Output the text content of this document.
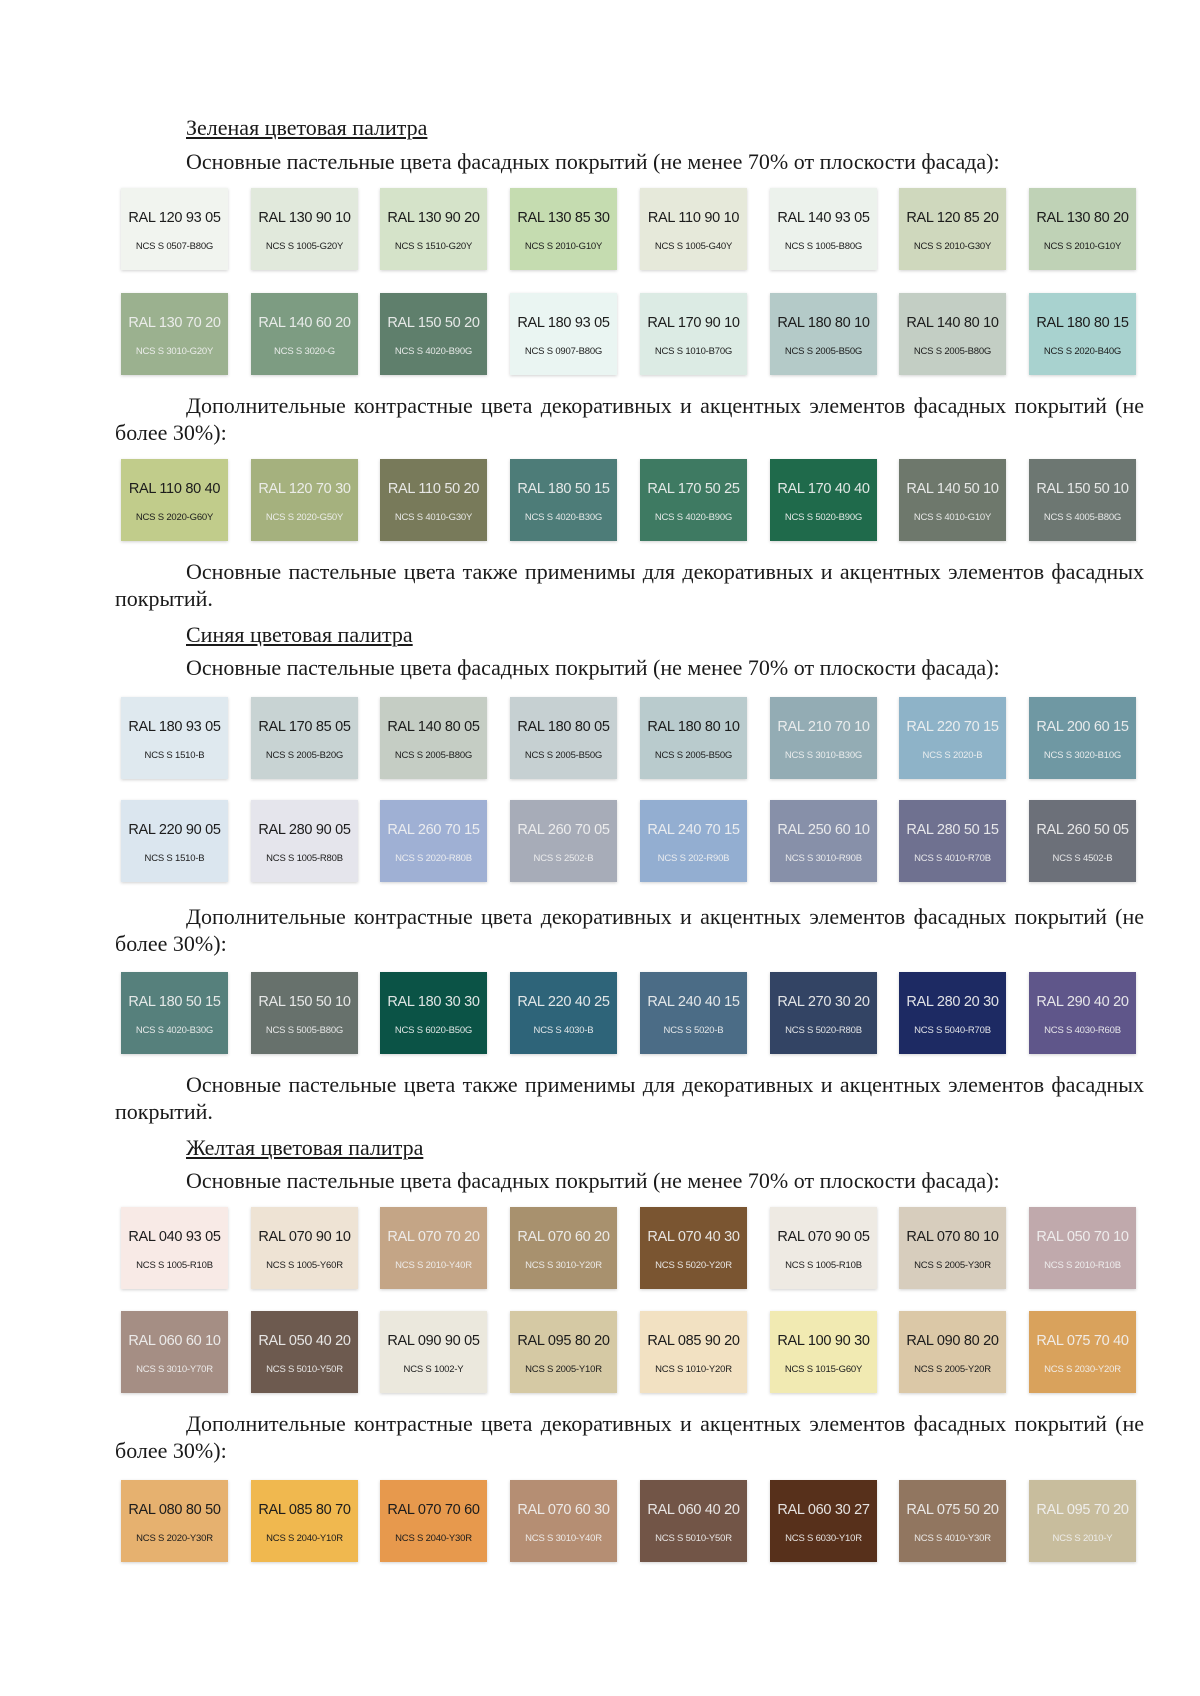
Зеленая цветовая палитра
Основные пастельные цвета фасадных покрытий (не менее 70% от плоскости фасада):
RAL 120 93 05
NCS S 0507-B80G
RAL 130 90 10
NCS S 1005-G20Y
RAL 130 90 20
NCS S 1510-G20Y
RAL 130 85 30
NCS S 2010-G10Y
RAL 110 90 10
NCS S 1005-G40Y
RAL 140 93 05
NCS S 1005-B80G
RAL 120 85 20
NCS S 2010-G30Y
RAL 130 80 20
NCS S 2010-G10Y
RAL 130 70 20
NCS S 3010-G20Y
RAL 140 60 20
NCS S 3020-G
RAL 150 50 20
NCS S 4020-B90G
RAL 180 93 05
NCS S 0907-B80G
RAL 170 90 10
NCS S 1010-B70G
RAL 180 80 10
NCS S 2005-B50G
RAL 140 80 10
NCS S 2005-B80G
RAL 180 80 15
NCS S 2020-B40G
Дополнительные контрастные цвета декоративных и акцентных элементов фасадных покрытий (не более 30%):
RAL 110 80 40
NCS S 2020-G60Y
RAL 120 70 30
NCS S 2020-G50Y
RAL 110 50 20
NCS S 4010-G30Y
RAL 180 50 15
NCS S 4020-B30G
RAL 170 50 25
NCS S 4020-B90G
RAL 170 40 40
NCS S 5020-B90G
RAL 140 50 10
NCS S 4010-G10Y
RAL 150 50 10
NCS S 4005-B80G
Основные пастельные цвета также применимы для декоративных и акцентных элементов фасадных покрытий.
Синяя цветовая палитра
Основные пастельные цвета фасадных покрытий (не менее 70% от плоскости фасада):
RAL 180 93 05
NCS S 1510-B
RAL 170 85 05
NCS S 2005-B20G
RAL 140 80 05
NCS S 2005-B80G
RAL 180 80 05
NCS S 2005-B50G
RAL 180 80 10
NCS S 2005-B50G
RAL 210 70 10
NCS S 3010-B30G
RAL 220 70 15
NCS S 2020-B
RAL 200 60 15
NCS S 3020-B10G
RAL 220 90 05
NCS S 1510-B
RAL 280 90 05
NCS S 1005-R80B
RAL 260 70 15
NCS S 2020-R80B
RAL 260 70 05
NCS S 2502-B
RAL 240 70 15
NCS S 202-R90B
RAL 250 60 10
NCS S 3010-R90B
RAL 280 50 15
NCS S 4010-R70B
RAL 260 50 05
NCS S 4502-B
Дополнительные контрастные цвета декоративных и акцентных элементов фасадных покрытий (не более 30%):
RAL 180 50 15
NCS S 4020-B30G
RAL 150 50 10
NCS S 5005-B80G
RAL 180 30 30
NCS S 6020-B50G
RAL 220 40 25
NCS S 4030-B
RAL 240 40 15
NCS S 5020-B
RAL 270 30 20
NCS S 5020-R80B
RAL 280 20 30
NCS S 5040-R70B
RAL 290 40 20
NCS S 4030-R60B
Основные пастельные цвета также применимы для декоративных и акцентных элементов фасадных покрытий.
Желтая цветовая палитра
Основные пастельные цвета фасадных покрытий (не менее 70% от плоскости фасада):
RAL 040 93 05
NCS S 1005-R10B
RAL 070 90 10
NCS S 1005-Y60R
RAL 070 70 20
NCS S 2010-Y40R
RAL 070 60 20
NCS S 3010-Y20R
RAL 070 40 30
NCS S 5020-Y20R
RAL 070 90 05
NCS S 1005-R10B
RAL 070 80 10
NCS S 2005-Y30R
RAL 050 70 10
NCS S 2010-R10B
RAL 060 60 10
NCS S 3010-Y70R
RAL 050 40 20
NCS S 5010-Y50R
RAL 090 90 05
NCS S 1002-Y
RAL 095 80 20
NCS S 2005-Y10R
RAL 085 90 20
NCS S 1010-Y20R
RAL 100 90 30
NCS S 1015-G60Y
RAL 090 80 20
NCS S 2005-Y20R
RAL 075 70 40
NCS S 2030-Y20R
Дополнительные контрастные цвета декоративных и акцентных элементов фасадных покрытий (не более 30%):
RAL 080 80 50
NCS S 2020-Y30R
RAL 085 80 70
NCS S 2040-Y10R
RAL 070 70 60
NCS S 2040-Y30R
RAL 070 60 30
NCS S 3010-Y40R
RAL 060 40 20
NCS S 5010-Y50R
RAL 060 30 27
NCS S 6030-Y10R
RAL 075 50 20
NCS S 4010-Y30R
RAL 095 70 20
NCS S 2010-Y
